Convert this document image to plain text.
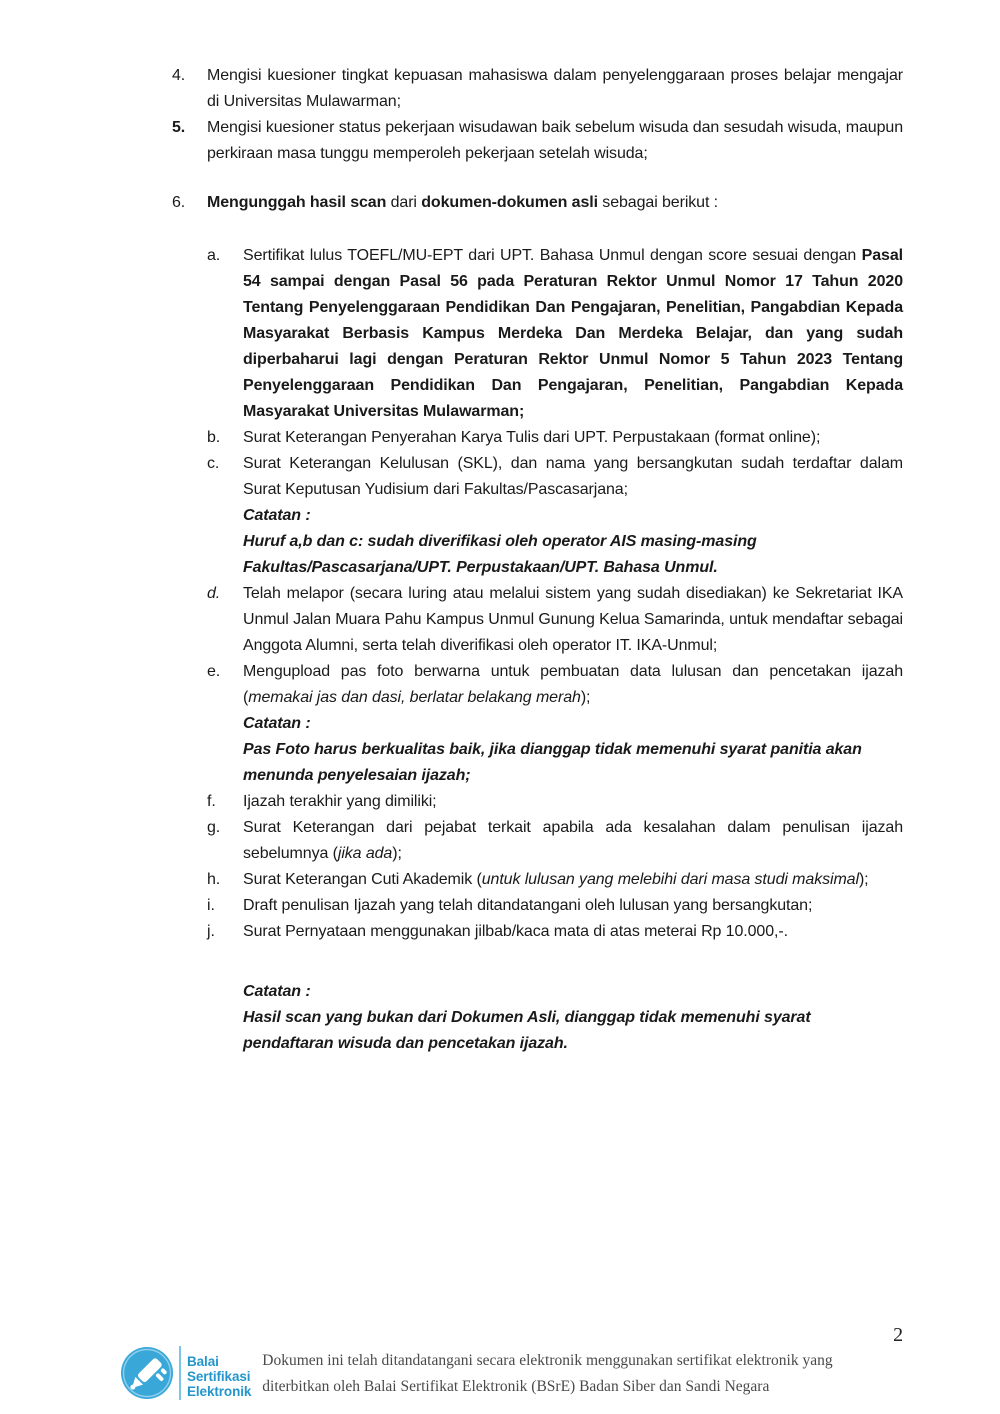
4.	Mengisi kuesioner tingkat kepuasan mahasiswa dalam penyelenggaraan proses belajar mengajar di Universitas Mulawarman;
5.	Mengisi kuesioner status pekerjaan wisudawan baik sebelum wisuda dan sesudah wisuda, maupun perkiraan masa tunggu memperoleh pekerjaan setelah wisuda;
6.	Mengunggah hasil scan dari dokumen-dokumen asli sebagai berikut :
a.	Sertifikat lulus TOEFL/MU-EPT dari UPT. Bahasa Unmul dengan score sesuai dengan Pasal 54 sampai dengan Pasal 56 pada Peraturan Rektor Unmul Nomor 17 Tahun 2020 Tentang Penyelenggaraan Pendidikan Dan Pengajaran, Penelitian, Pangabdian Kepada Masyarakat Berbasis Kampus Merdeka Dan Merdeka Belajar, dan yang sudah diperbaharui lagi dengan Peraturan Rektor Unmul Nomor 5 Tahun 2023 Tentang Penyelenggaraan Pendidikan Dan Pengajaran, Penelitian, Pangabdian Kepada Masyarakat Universitas Mulawarman;
b.	Surat Keterangan Penyerahan Karya Tulis dari UPT. Perpustakaan (format online);
c.	Surat Keterangan Kelulusan (SKL), dan nama yang bersangkutan sudah terdaftar dalam Surat Keputusan Yudisium dari Fakultas/Pascasarjana;
Catatan :
Huruf a,b dan c: sudah diverifikasi oleh operator AIS masing-masing Fakultas/Pascasarjana/UPT. Perpustakaan/UPT. Bahasa Unmul.
d.	Telah melapor (secara luring atau melalui sistem yang sudah disediakan) ke Sekretariat IKA Unmul Jalan Muara Pahu Kampus Unmul Gunung Kelua Samarinda, untuk mendaftar sebagai Anggota Alumni, serta telah diverifikasi oleh operator IT. IKA-Unmul;
e.	Mengupload pas foto berwarna untuk pembuatan data lulusan dan pencetakan ijazah (memakai jas dan dasi, berlatar belakang merah);
Catatan :
Pas Foto harus berkualitas baik, jika dianggap tidak memenuhi syarat panitia akan menunda penyelesaian ijazah;
f.	Ijazah terakhir yang dimiliki;
g.	Surat Keterangan dari pejabat terkait apabila ada kesalahan dalam penulisan ijazah sebelumnya (jika ada);
h.	Surat Keterangan Cuti Akademik (untuk lulusan yang melebihi dari masa studi maksimal);
i.	Draft penulisan Ijazah yang telah ditandatangani oleh lulusan yang bersangkutan;
j.	Surat Pernyataan menggunakan jilbab/kaca mata di atas meterai Rp 10.000,-.
Catatan :
Hasil scan yang bukan dari Dokumen Asli, dianggap tidak memenuhi syarat pendaftaran wisuda dan pencetakan ijazah.
2
Balai
Sertifikasi
Elektronik
Dokumen ini telah ditandatangani secara elektronik menggunakan sertifikat elektronik yang diterbitkan oleh Balai Sertifikat Elektronik (BSrE) Badan Siber dan Sandi Negara
